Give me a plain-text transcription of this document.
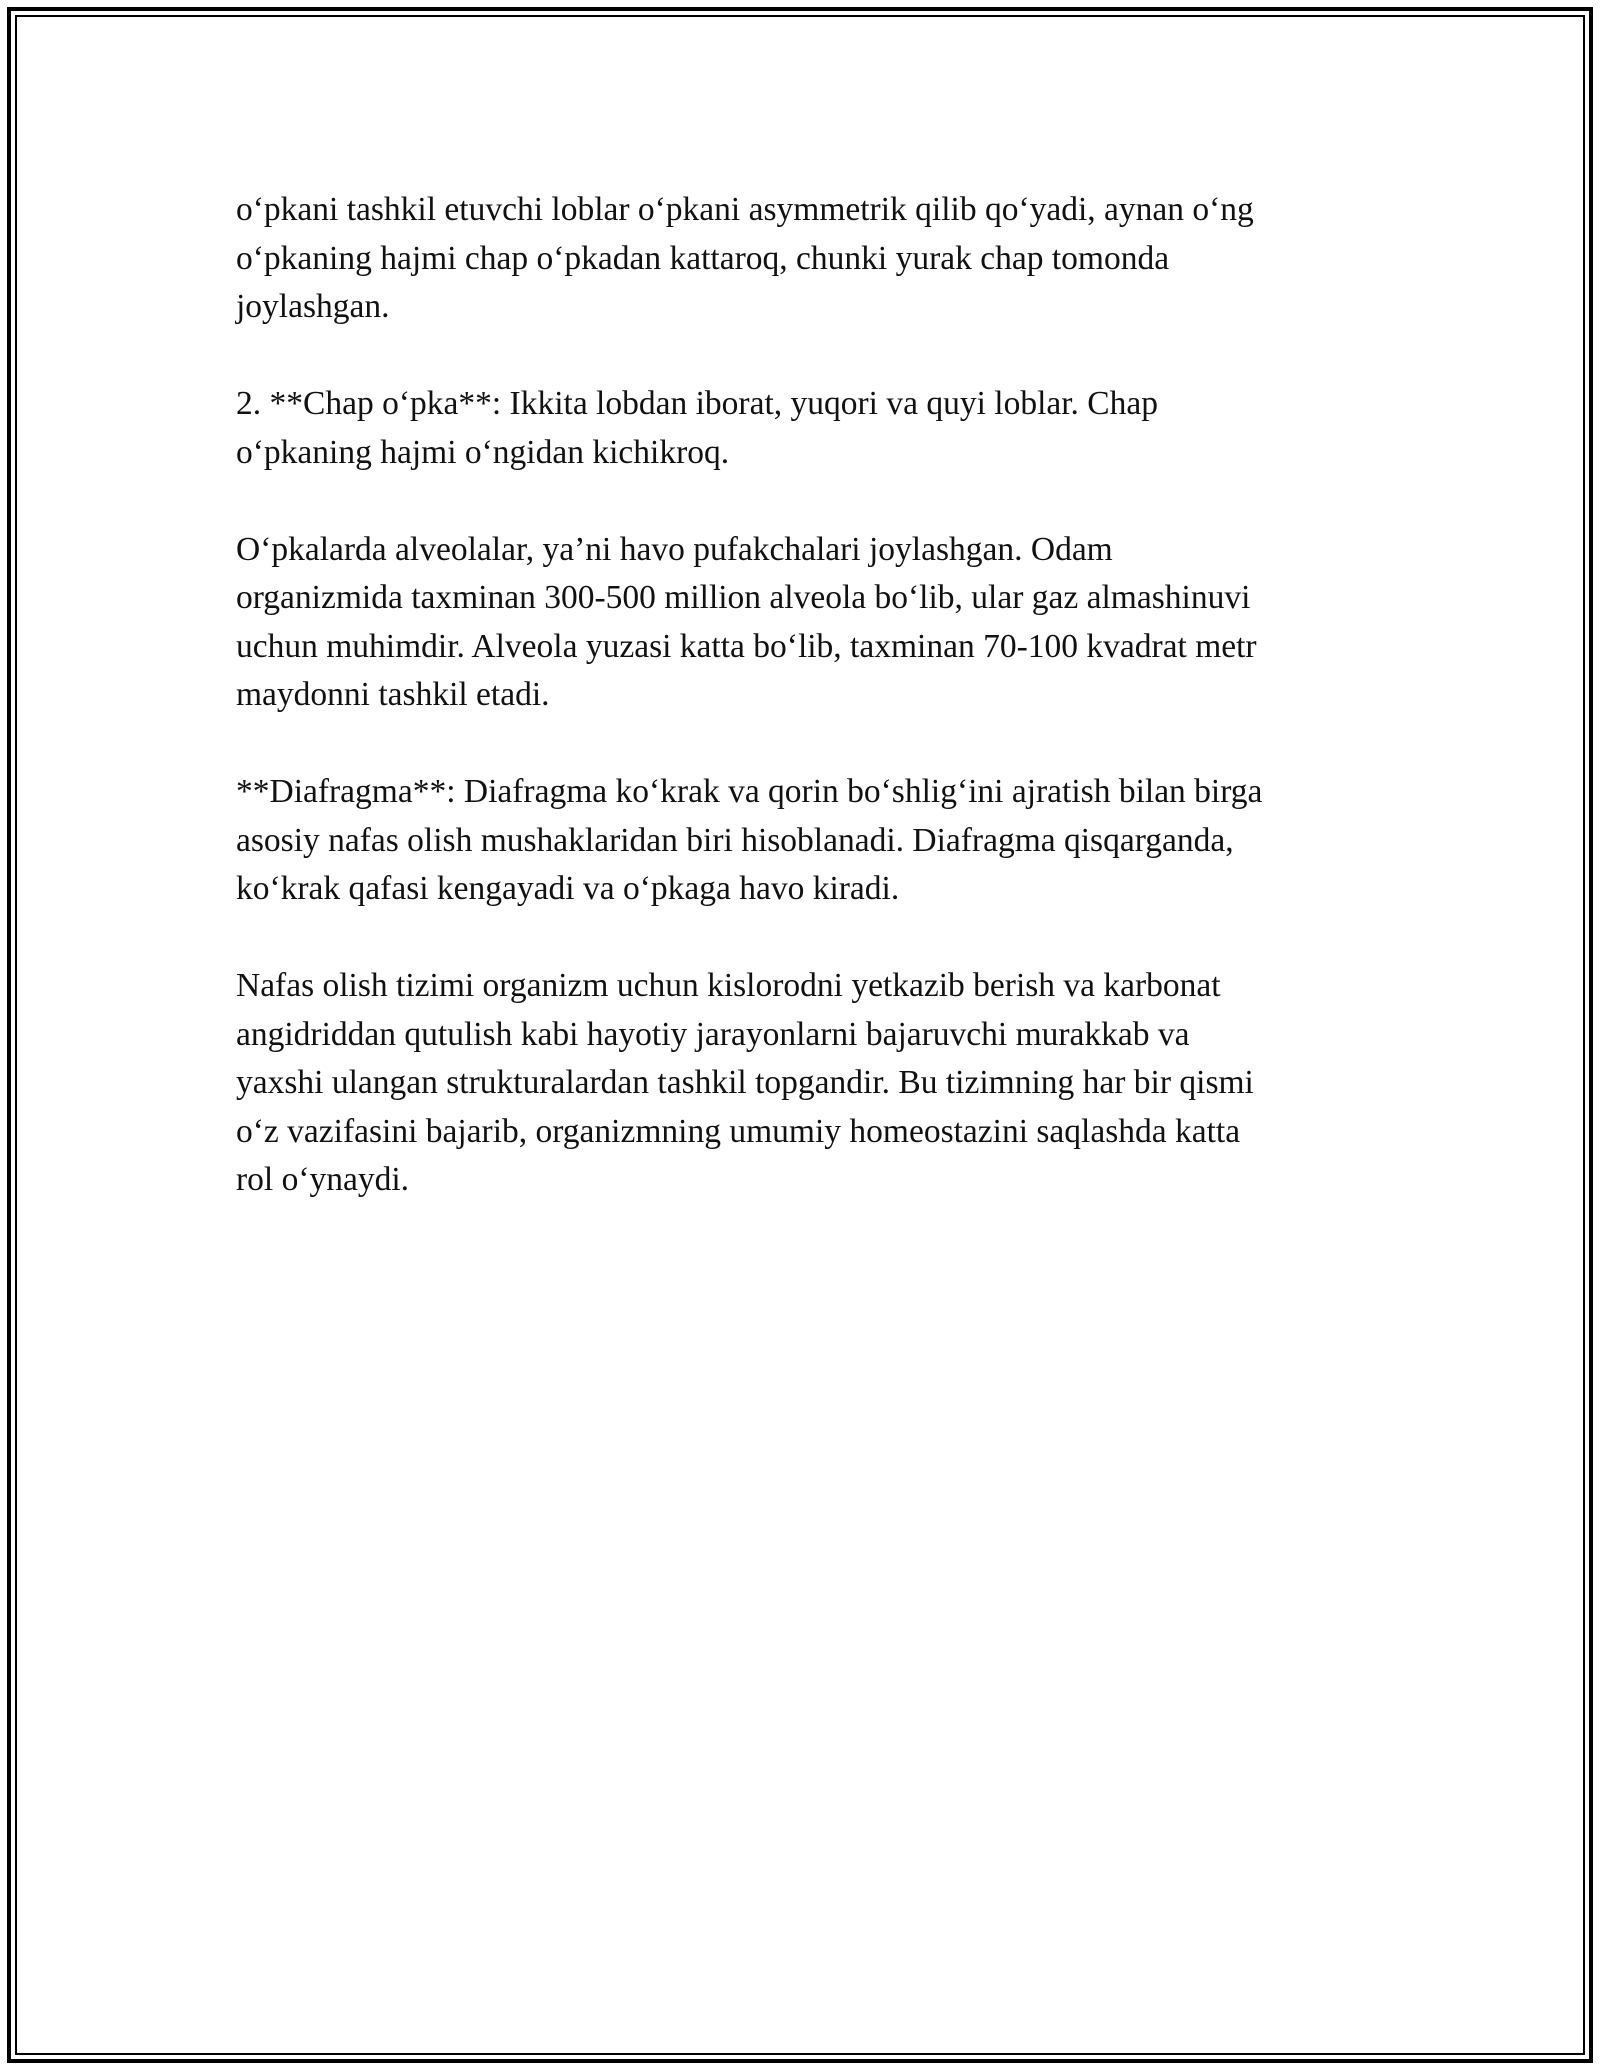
o‘pkani tashkil etuvchi loblar o‘pkani asymmetrik qilib qo‘yadi, aynan o‘ng
o‘pkaning hajmi chap o‘pkadan kattaroq, chunki yurak chap tomonda
joylashgan.

2. **Chap o‘pka**: Ikkita lobdan iborat, yuqori va quyi loblar. Chap
o‘pkaning hajmi o‘ngidan kichikroq.

O‘pkalarda alveolalar, ya’ni havo pufakchalari joylashgan. Odam
organizmida taxminan 300-500 million alveola bo‘lib, ular gaz almashinuvi
uchun muhimdir. Alveola yuzasi katta bo‘lib, taxminan 70-100 kvadrat metr
maydonni tashkil etadi.

**Diafragma**: Diafragma ko‘krak va qorin bo‘shlig‘ini ajratish bilan birga
asosiy nafas olish mushaklaridan biri hisoblanadi. Diafragma qisqarganda,
ko‘krak qafasi kengayadi va o‘pkaga havo kiradi.

Nafas olish tizimi organizm uchun kislorodni yetkazib berish va karbonat
angidriddan qutulish kabi hayotiy jarayonlarni bajaruvchi murakkab va
yaxshi ulangan strukturalardan tashkil topgandir. Bu tizimning har bir qismi
o‘z vazifasini bajarib, organizmning umumiy homeostazini saqlashda katta
rol o‘ynaydi.
